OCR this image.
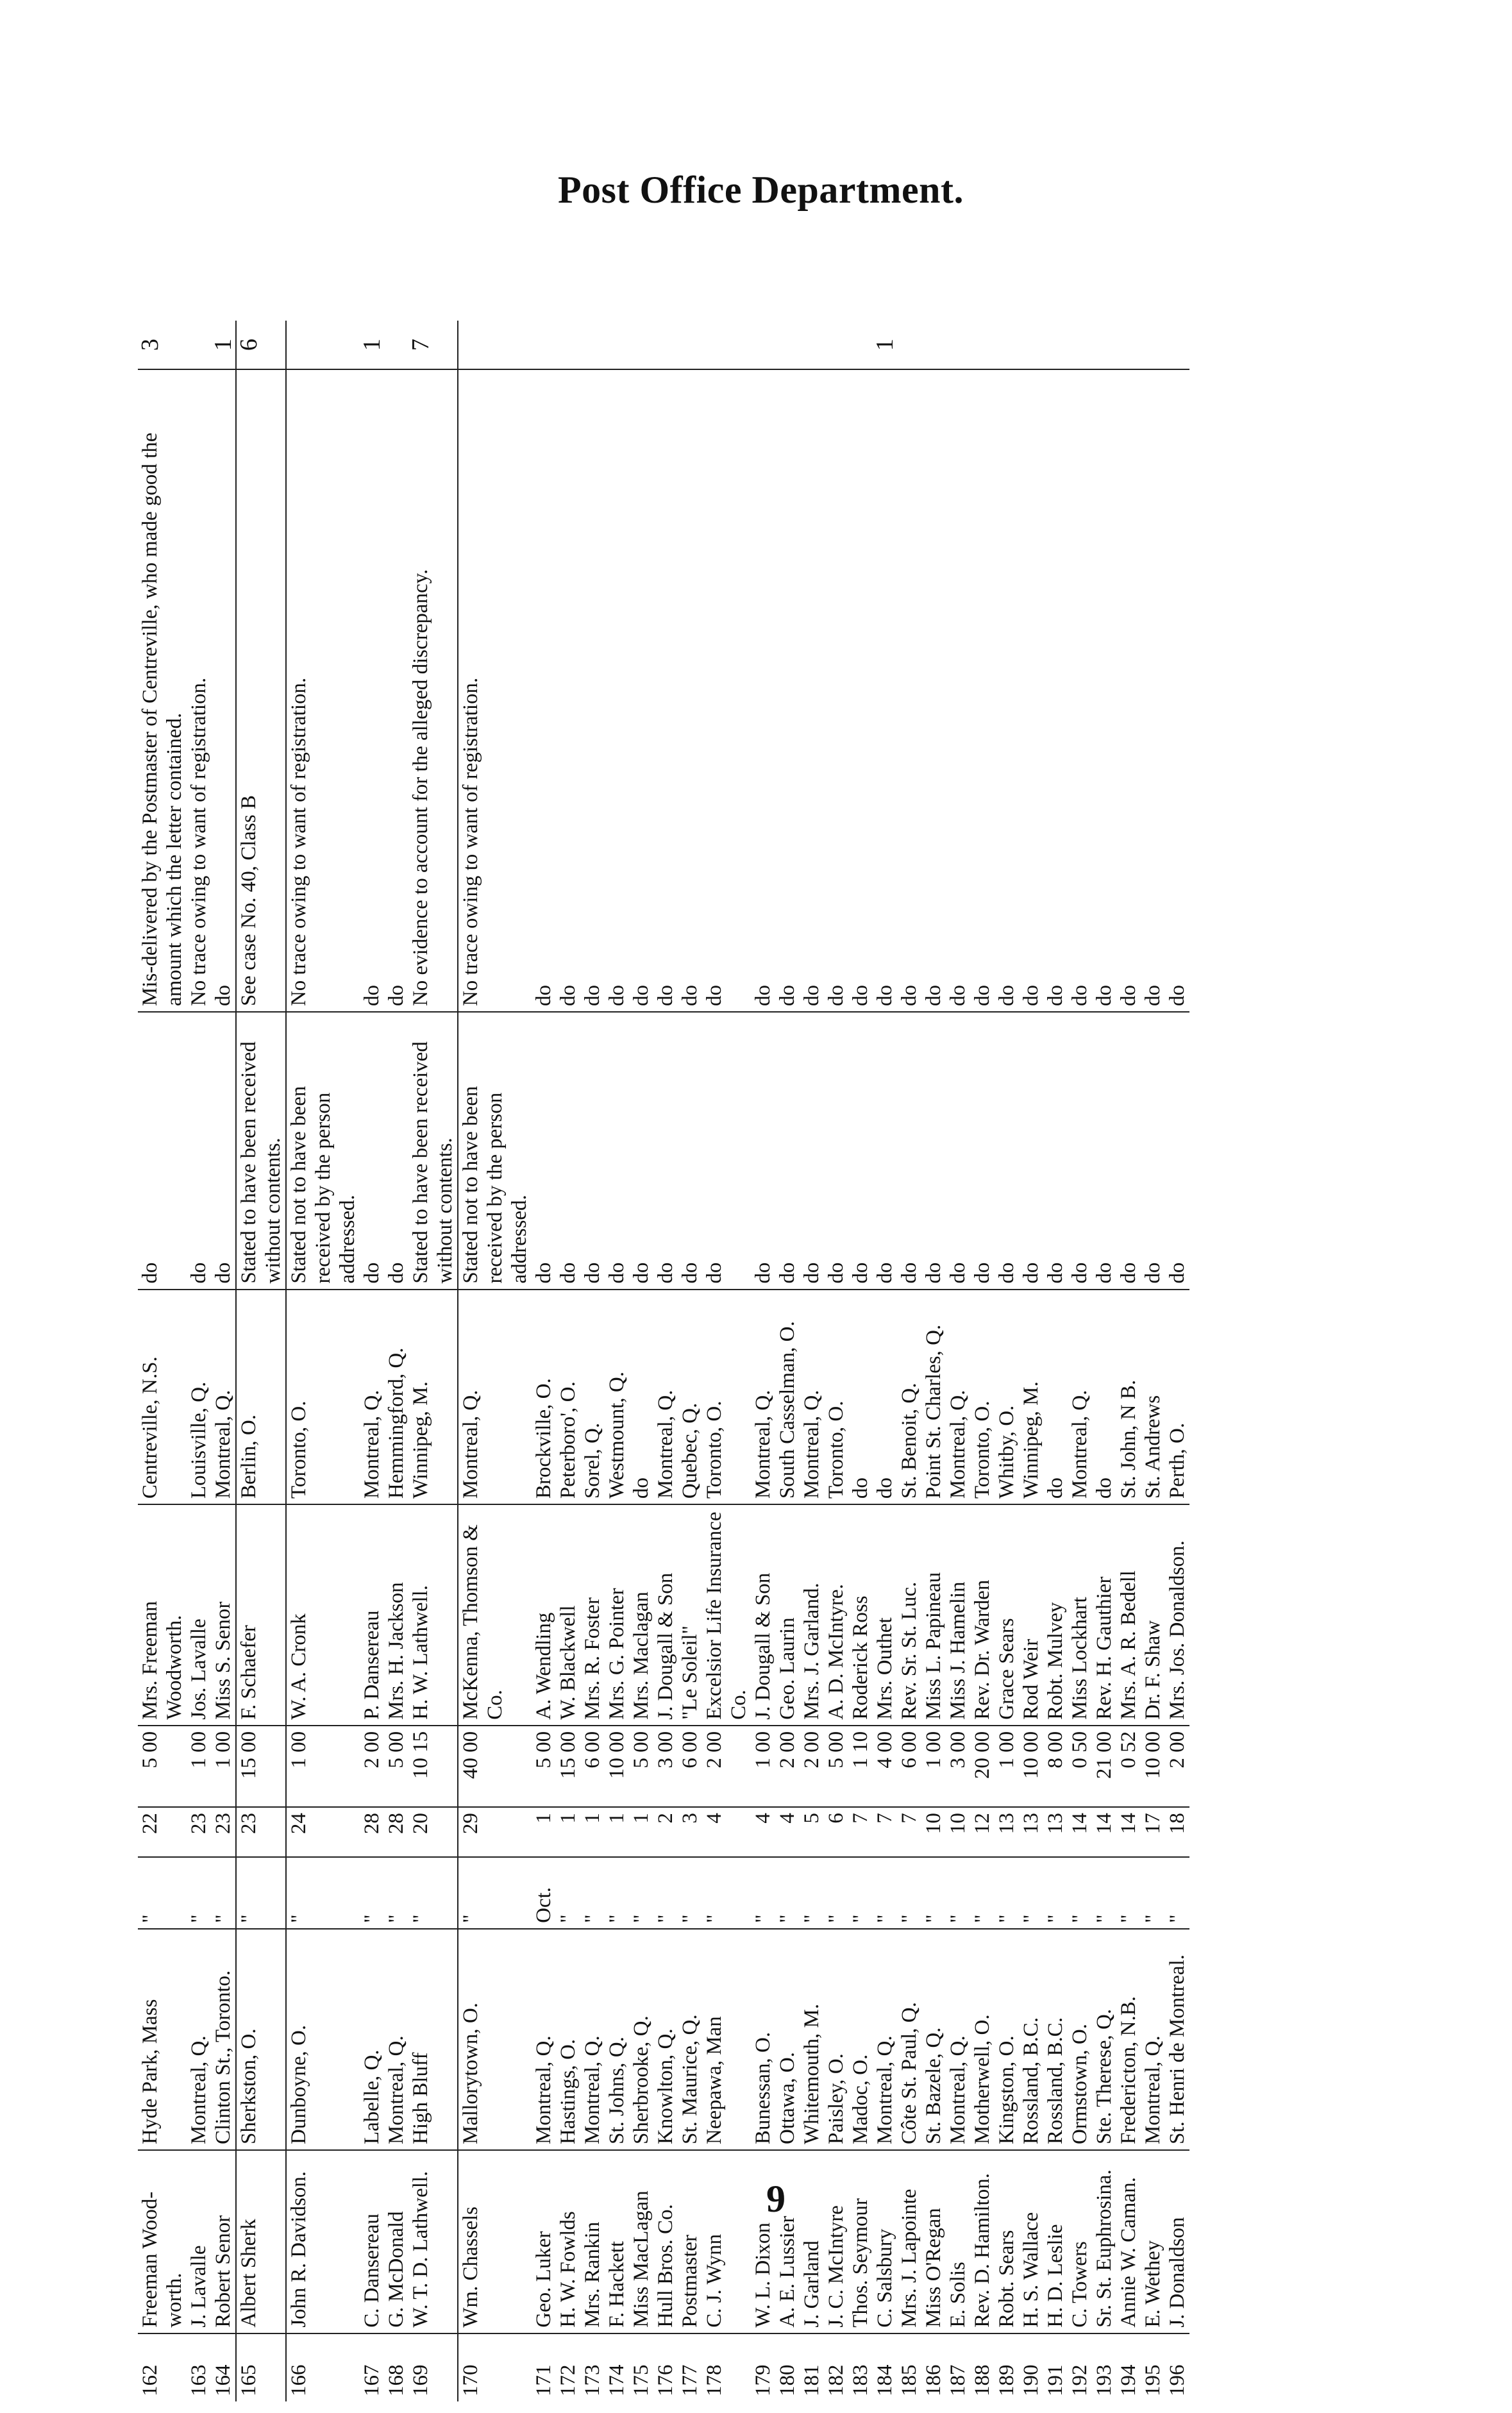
Post Office Department.
162	Freeman Wood-worth.	Hyde Park, Mass	"	22	5 00	Mrs. Freeman Woodworth.	Centreville, N.S.	do	Mis-delivered by the Postmaster of Centreville, who made good the amount which the letter contained.	3
163	J. Lavalle	Montreal, Q.	"	23	1 00	Jos. Lavalle	Louisville, Q.	do	No trace owing to want of registration.	
164	Robert Senor	Clinton St., Toronto.	"	23	1 00	Miss S. Senor	Montreal, Q.	do	do	1
165	Albert Sherk	Sherkston, O.	"	23	15 00	F. Schaefer	Berlin, O.	Stated to have been received without contents.	See case No. 40, Class B	6
166	John R. Davidson.	Dunboyne, O.	"	24	1 00	W. A. Cronk	Toronto, O.	Stated not to have been received by the person addressed.	No trace owing to want of registration.	
167	C. Dansereau	Labelle, Q.	"	28	2 00	P. Dansereau	Montreal, Q.	do	do	1
168	G. McDonald	Montreal, Q.	"	28	5 00	Mrs. H. Jackson	Hemmingford, Q.	do	do	
169	W. T. D. Lathwell.	High Bluff	"	20	10 15	H. W. Lathwell.	Winnipeg, M.	Stated to have been received without contents.	No evidence to account for the alleged discrepancy.	7
170	Wm. Chassels	Mallorytown, O.	"	29	40 00	McKenna, Thomson & Co.	Montreal, Q.	Stated not to have been received by the person addressed.	No trace owing to want of registration.	
171	Geo. Luker	Montreal, Q.	Oct.	1	5 00	A. Wendling	Brockville, O.	do	do	
172	H. W. Fowlds	Hastings, O.	"	1	15 00	W. Blackwell	Peterboro', O.	do	do	
173	Mrs. Rankin	Montreal, Q.	"	1	6 00	Mrs. R. Foster	Sorel, Q.	do	do	
174	F. Hackett	St. Johns, Q.	"	1	10 00	Mrs. G. Pointer	Westmount, Q.	do	do	
175	Miss MacLagan	Sherbrooke, Q.	"	1	5 00	Mrs. Maclagan	do	do	do	
176	Hull Bros. Co.	Knowlton, Q.	"	2	3 00	J. Dougall & Son	Montreal, Q.	do	do	
177	Postmaster	St. Maurice, Q.	"	3	6 00	"Le Soleil"	Quebec, Q.	do	do	
178	C. J. Wynn	Neepawa, Man	"	4	2 00	Excelsior Life Insurance Co.	Toronto, O.	do	do	
179	W. L. Dixon	Bunessan, O.	"	4	1 00	J. Dougall & Son	Montreal, Q.	do	do	
180	A. E. Lussier	Ottawa, O.	"	4	2 00	Geo. Laurin	South Casselman, O.	do	do	
181	J. Garland	Whitemouth, M.	"	5	2 00	Mrs. J. Garland.	Montreal, Q.	do	do	
182	J. C. McIntyre	Paisley, O.	"	6	5 00	A. D. McIntyre.	Toronto, O.	do	do	
183	Thos. Seymour	Madoc, O.	"	7	1 10	Roderick Ross	do	do	do	
184	C. Salsbury	Montreal, Q.	"	7	4 00	Mrs. Outhet	do	do	do	1
185	Mrs. J. Lapointe	Côte St. Paul, Q.	"	7	6 00	Rev. Sr. St. Luc.	St. Benoit, Q.	do	do	
186	Miss O'Regan	St. Bazele, Q.	"	10	1 00	Miss L. Papineau	Point St. Charles, Q.	do	do	
187	E. Solis	Montreal, Q.	"	10	3 00	Miss J. Hamelin	Montreal, Q.	do	do	
188	Rev. D. Hamilton.	Motherwell, O.	"	12	20 00	Rev. Dr. Warden	Toronto, O.	do	do	
189	Robt. Sears	Kingston, O.	"	13	1 00	Grace Sears	Whitby, O.	do	do	
190	H. S. Wallace	Rossland, B.C.	"	13	10 00	Rod Weir	Winnipeg, M.	do	do	
191	H. D. Leslie	Rossland, B.C.	"	13	8 00	Robt. Mulvey	do	do	do	
192	C. Towers	Ormstown, O.	"	14	0 50	Miss Lockhart	Montreal, Q.	do	do	
193	Sr. St. Euphrosina.	Ste. Therese, Q.	"	14	21 00	Rev. H. Gauthier	do	do	do	
194	Annie W. Caman.	Fredericton, N.B.	"	14	0 52	Mrs. A. R. Bedell	St. John, N B.	do	do	
195	E. Wethey	Montreal, Q.	"	17	10 00	Dr. F. Shaw	St. Andrews	do	do	
196	J. Donaldson	St. Henri de Montreal.	"	18	2 00	Mrs. Jos. Donaldson.	Perth, O.	do	do	
9
